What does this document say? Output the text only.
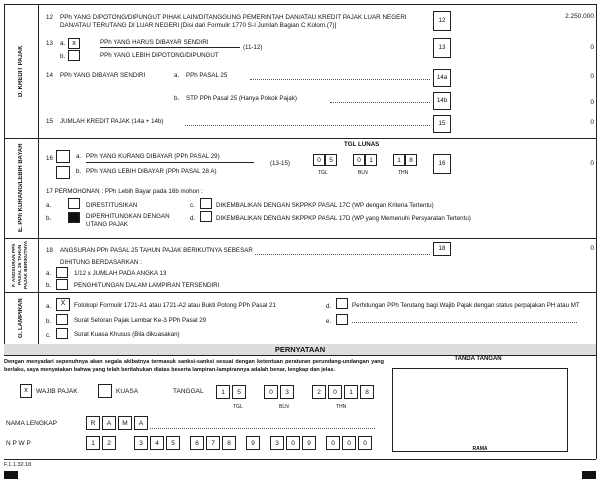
D. KREDIT PAJAK
12 PPh YANG DIPOTONG/DIPUNGUT PIHAK LAIN/DITANGGUNG PEMERINTAH DAN/ATAU KREDIT PAJAK LUAR NEGERI DAN/ATAU TERUTANG DI LUAR NEGERI [Disi dari Formulir 1770 S-I Jumlah Bagian C Kolom.(7)]
12
2.250.000
13 a.	x	PPh YANG HARUS DIBAYAR SENDIRI
(11-12)
b.	PPh YANG LEBIH DIPOTONG/DIPUNGUT
13	0
14 PPh YANG DIBAYAR SENDIRI	a. PPh PASAL 25	14a	0
b. STP PPh Pasal 25 (Hanya Pokok Pajak)	14b	0
15 JUMLAH KREDIT PAJAK (14a + 14b)	15	0
E. PPh KURANG/LEBIH BAYAR	16	a. PPh YANG KURANG DIBAYAR (PPh PASAL 29)
b. PPh YANG LEBIH DIBAYAR (PPh PASAL 28 A)
(13-15)
TGL LUNAS
0	5	0	1	1	8
TGL	BLN	THN
16	0
17 PERMOHONAN : PPh Lebih Bayar pada 16b mohon :
a.	DIRESTITUSIKAN
b.	DIPERHITUNGKAN DENGAN UTANG PAJAK
c.	DIKEMBALIKAN DENGAN SKPPKP PASAL 17C (WP dengan Kriteria Tertentu)
d.	DIKEMBALIKAN DENGAN SKPPKP PASAL 17D (WP yang Memenuhi Persyaratan Tertentu)
F. ANGSURAN PPh PASAL 25 TAHUN PAJAK BERIKUTNYA	18 ANGSURAN PPh PASAL 25 TAHUN PAJAK BERIKUTNYA SEBESAR	18	0
DIHITUNG BERDASARKAN :
a.	1/12 x JUMLAH PADA ANGKA 13
b.	PENGHITUNGAN DALAM LAMPIRAN TERSENDIRI
G. LAMPIRAN	a.	X	Fotokopi Formulir 1721-A1 atau 1721-A2 atau Bukti Potong PPh Pasal 21
b.	Surat Setoran Pajak Lembar Ke-3 PPh Pasal 29
c.	Surat Kuasa Khusus (Bila dikuasakan)
d.	Perhitungan PPh Terutang bagi Wajib Pajak dengan status perpajakan PH atau MT
e.
PERNYATAAN
Dengan menyadari sepenuhnya akan segala akibatnya termasuk sanksi-sanksi sesuai dengan ketentuan peraturan perundang-undangan yang berlaku, saya menyatakan bahwa yang telah beritahukan diatas beserta lampiran-lampirannya adalah benar, lengkap dan jelas.
x	WAJIB PAJAK	KUASA	TANGGAL	1	5	0	3	2	0	1	8
TGL	BLN	THN
NAMA LENGKAP	R	A	M	A
N P W P	1	2	3	4	5	6	7	8	9	3	0	9	0	0	0
TANDA TANGAN
RAMA
F.1.1.32.18
